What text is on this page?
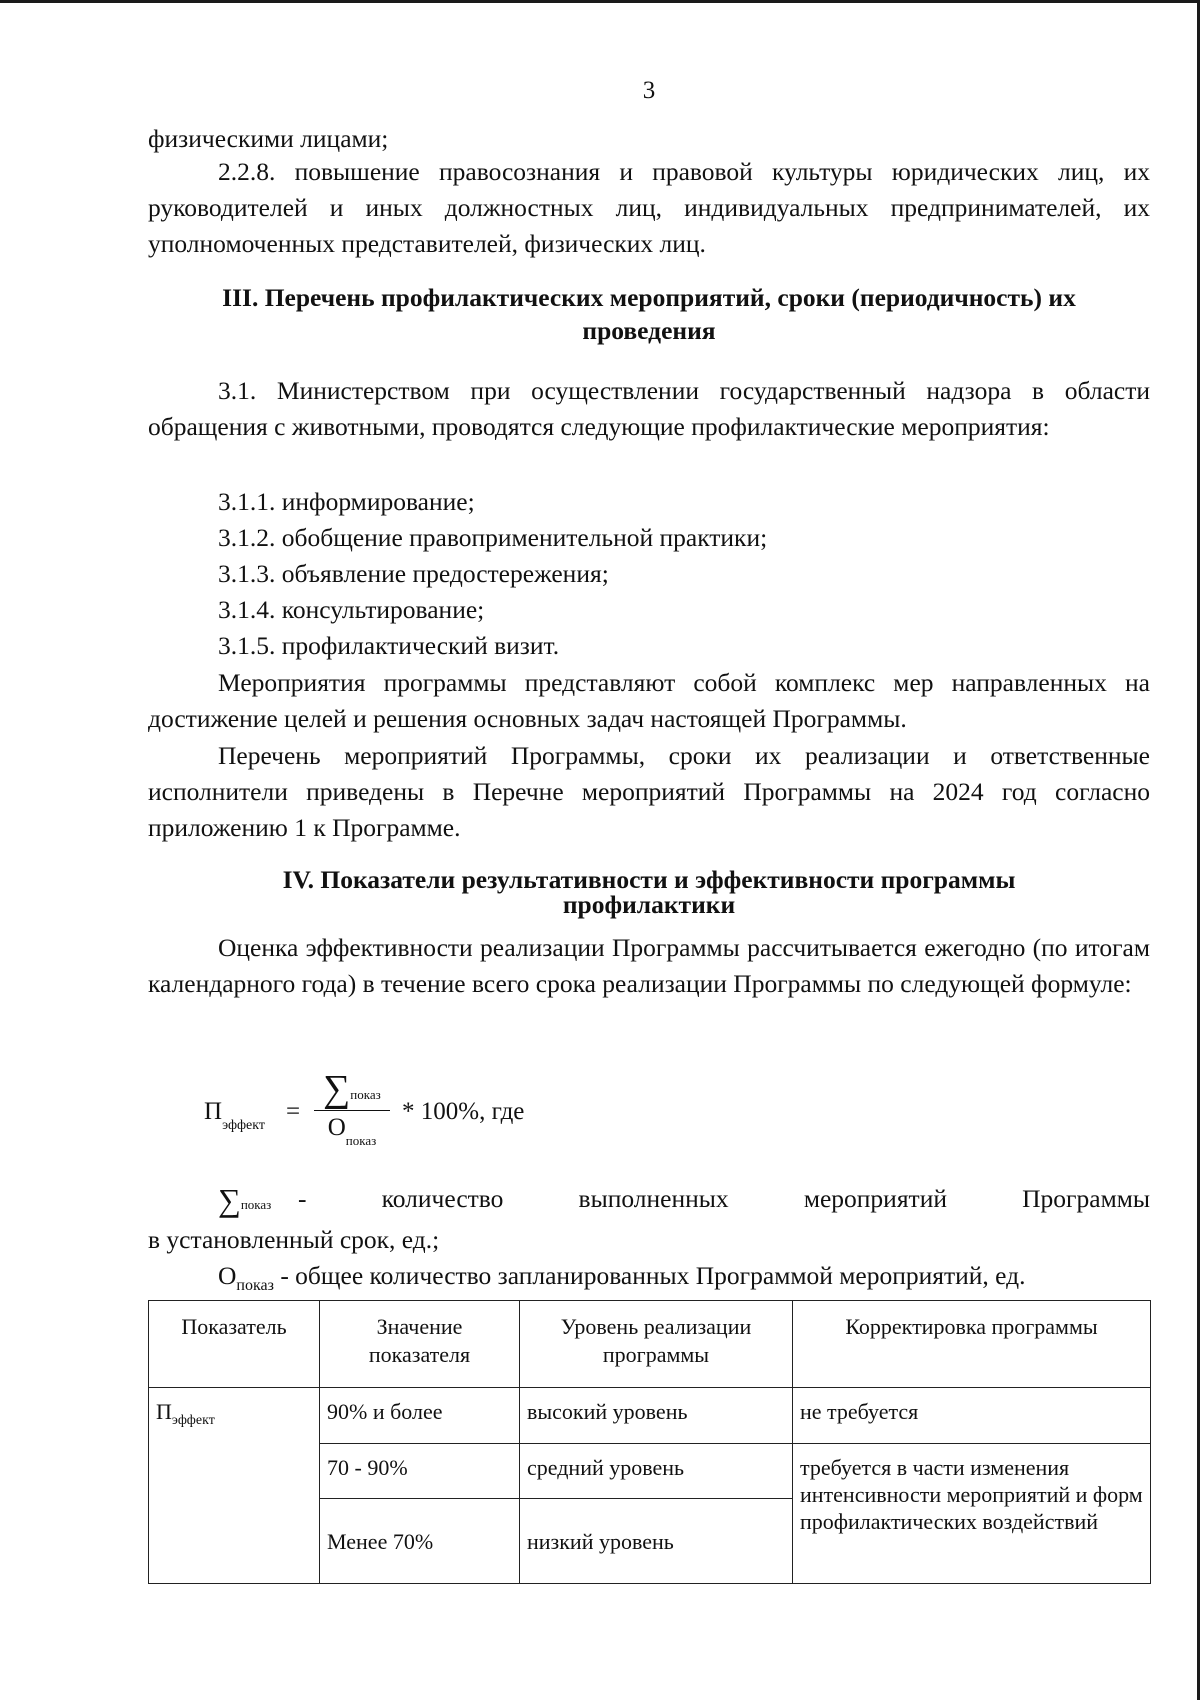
3

физическими лицами;

2.2.8. повышение правосознания и правовой культуры юридических лиц, их руководителей и иных должностных лиц, индивидуальных предпринимателей, их уполномоченных представителей, физических лиц.

III. Перечень профилактических мероприятий, сроки (периодичность) их
проведения

3.1. Министерством при осуществлении государственный надзора в области обращения с животными, проводятся следующие профилактические мероприятия:

3.1.1. информирование;

3.1.2. обобщение правоприменительной практики;

3.1.3. объявление предостережения;

3.1.4. консультирование;

3.1.5. профилактический визит.

Мероприятия программы представляют собой комплекс мер направленных на достижение целей и решения основных задач настоящей Программы.

Перечень мероприятий Программы, сроки их реализации и ответственные исполнители приведены в Перечне мероприятий Программы на 2024 год согласно приложению 1 к Программе.

IV. Показатели результативности и эффективности программы
профилактики

Оценка эффективности реализации Программы рассчитывается ежегодно (по итогам календарного года) в течение всего срока реализации Программы по следующей формуле:

$П_{эффект}$
=
∑показ
$О_{показ}$
* 100%, где
∑показ - количество выполненных мероприятий Программы

в установленный срок, ед.;

$О_{показ}$ - общее количество запланированных Программой мероприятий, ед.
Показатель	Значение показателя	Уровень реализации программы	Корректировка программы
$П_{эффект}$	90% и более	высокий уровень	не требуется
	70 - 90%	средний уровень	требуется в части изменения интенсивности мероприятий и форм профилактических воздействий
	Менее 70%	низкий уровень	
